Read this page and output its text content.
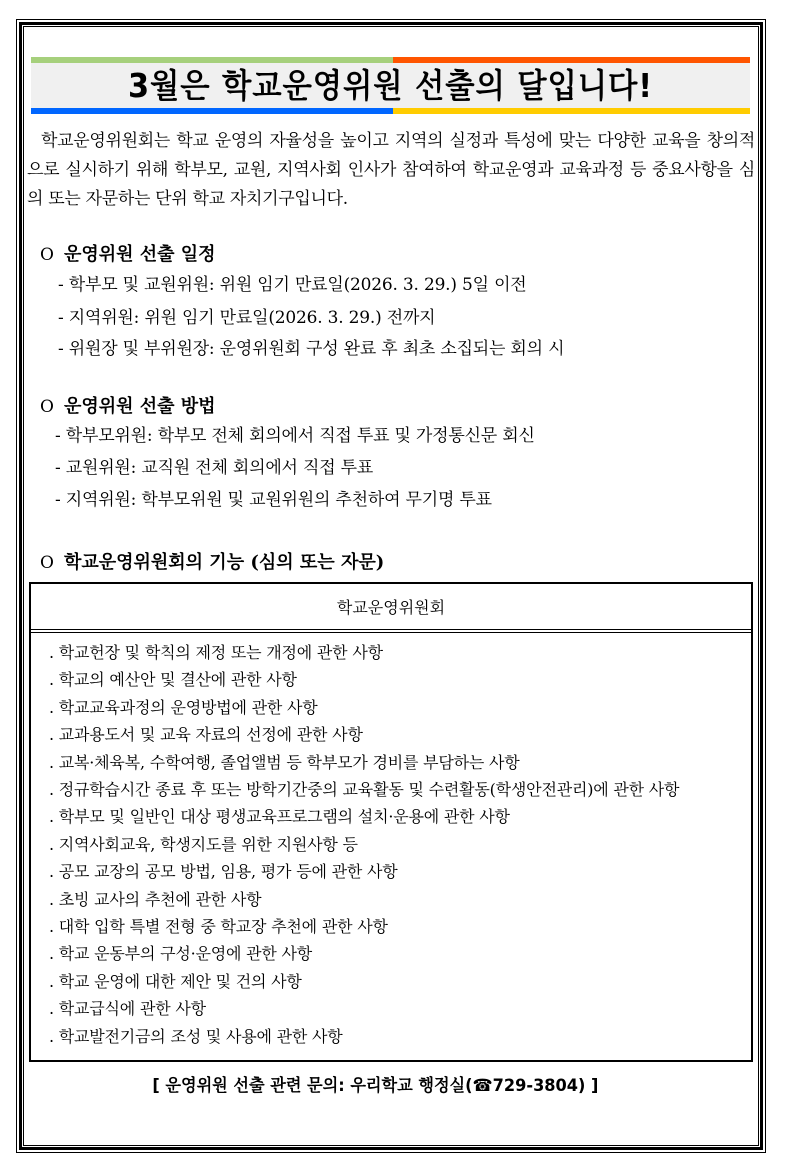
3월은 학교운영위원 선출의 달입니다!
학교운영위원회는 학교 운영의 자율성을 높이고 지역의 실정과 특성에 맞는 다양한 교육을 창의적으로 실시하기 위해 학부모, 교원, 지역사회 인사가 참여하여 학교운영과 교육과정 등 중요사항을 심의 또는 자문하는 단위 학교 자치기구입니다.
O 운영위원 선출 일정
- 학부모 및 교원위원: 위원 임기 만료일(2026. 3. 29.) 5일 이전
- 지역위원: 위원 임기 만료일(2026. 3. 29.) 전까지
- 위원장 및 부위원장: 운영위원회 구성 완료 후 최초 소집되는 회의 시
O 운영위원 선출 방법
- 학부모위원: 학부모 전체 회의에서 직접 투표 및 가정통신문 회신
- 교원위원: 교직원 전체 회의에서 직접 투표
- 지역위원: 학부모위원 및 교원위원의 추천하여 무기명 투표
O 학교운영위원회의 기능 (심의 또는 자문)
학교운영위원회
. 학교헌장 및 학칙의 제정 또는 개정에 관한 사항
. 학교의 예산안 및 결산에 관한 사항
. 학교교육과정의 운영방법에 관한 사항
. 교과용도서 및 교육 자료의 선정에 관한 사항
. 교복·체육복, 수학여행, 졸업앨범 등 학부모가 경비를 부담하는 사항
. 정규학습시간 종료 후 또는 방학기간중의 교육활동 및 수련활동(학생안전관리)에 관한 사항
. 학부모 및 일반인 대상 평생교육프로그램의 설치·운용에 관한 사항
. 지역사회교육, 학생지도를 위한 지원사항 등
. 공모 교장의 공모 방법, 임용, 평가 등에 관한 사항
. 초빙 교사의 추천에 관한 사항
. 대학 입학 특별 전형 중 학교장 추천에 관한 사항
. 학교 운동부의 구성·운영에 관한 사항
. 학교 운영에 대한 제안 및 건의 사항
. 학교급식에 관한 사항
. 학교발전기금의 조성 및 사용에 관한 사항
[ 운영위원 선출 관련 문의: 우리학교 행정실(☎729-3804) ]
